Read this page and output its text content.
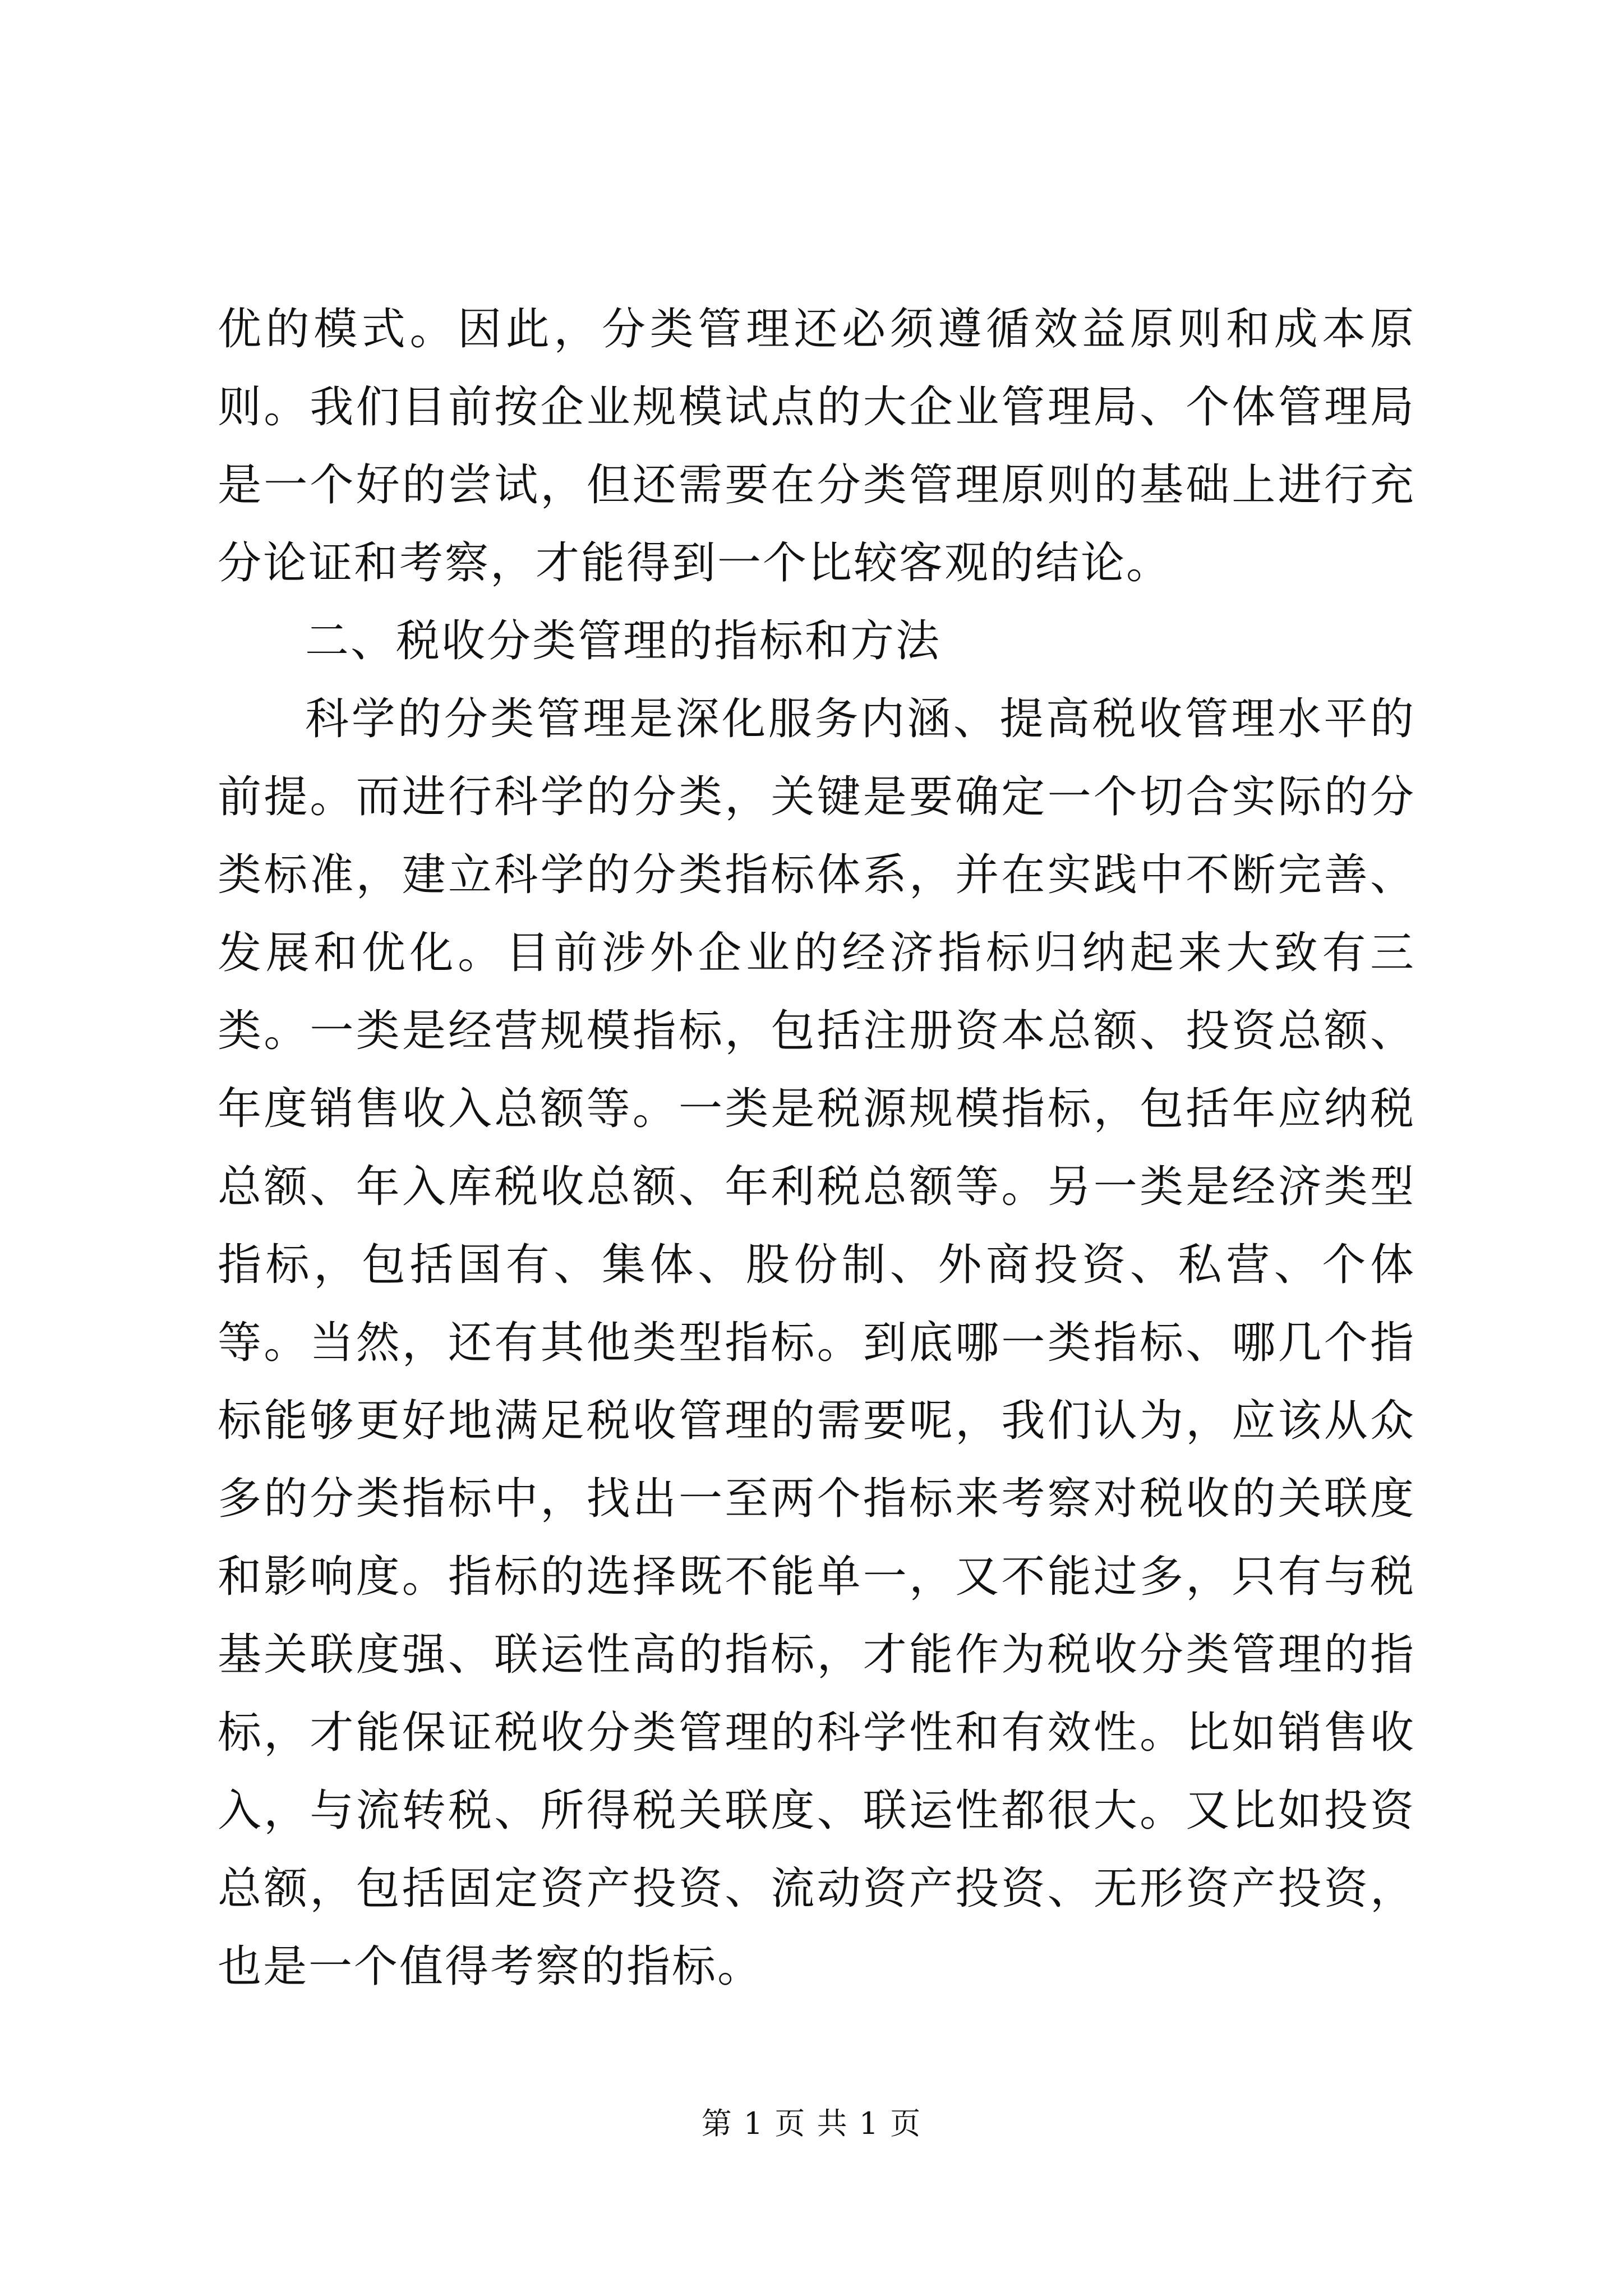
优的模式。因此，分类管理还必须遵循效益原则和成本原则。我们目前按企业规模试点的大企业管理局、个体管理局是一个好的尝试，但还需要在分类管理原则的基础上进行充分论证和考察，才能得到一个比较客观的结论。

二、税收分类管理的指标和方法

科学的分类管理是深化服务内涵、提高税收管理水平的前提。而进行科学的分类，关键是要确定一个切合实际的分类标准，建立科学的分类指标体系，并在实践中不断完善、发展和优化。目前涉外企业的经济指标归纳起来大致有三类。一类是经营规模指标，包括注册资本总额、投资总额、年度销售收入总额等。一类是税源规模指标，包括年应纳税总额、年入库税收总额、年利税总额等。另一类是经济类型指标，包括国有、集体、股份制、外商投资、私营、个体等。当然，还有其他类型指标。到底哪一类指标、哪几个指标能够更好地满足税收管理的需要呢，我们认为，应该从众多的分类指标中，找出一至两个指标来考察对税收的关联度和影响度。指标的选择既不能单一，又不能过多，只有与税基关联度强、联运性高的指标，才能作为税收分类管理的指标，才能保证税收分类管理的科学性和有效性。比如销售收入，与流转税、所得税关联度、联运性都很大。又比如投资总额，包括固定资产投资、流动资产投资、无形资产投资，也是一个值得考察的指标。

第 1 页 共 1 页
